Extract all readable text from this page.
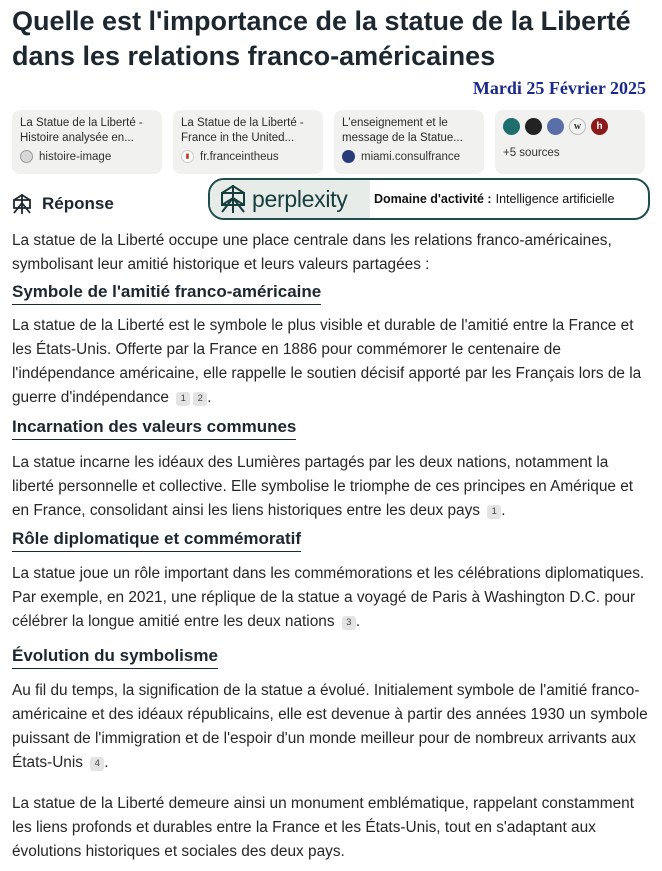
Quelle est l'importance de la statue de la Liberté dans les relations franco-américaines
Mardi 25 Février 2025
La Statue de la Liberté - Histoire analysée en...
histoire-image
La Statue de la Liberté - France in the United...
▮ fr.franceintheus
L'enseignement et le message de la Statue...
miami.consulfrance
w	h
+5 sources
perplexity Domaine d'activité : Intelligence artificielle
Réponse

La statue de la Liberté occupe une place centrale dans les relations franco-américaines, symbolisant leur amitié historique et leurs valeurs partagées :

Symbole de l'amitié franco-américaine

La statue de la Liberté est le symbole le plus visible et durable de l'amitié entre la France et les États-Unis. Offerte par la France en 1886 pour commémorer le centenaire de l'indépendance américaine, elle rappelle le soutien décisif apporté par les Français lors de la guerre d'indépendance 1 2 .

Incarnation des valeurs communes

La statue incarne les idéaux des Lumières partagés par les deux nations, notamment la liberté personnelle et collective. Elle symbolise le triomphe de ces principes en Amérique et en France, consolidant ainsi les liens historiques entre les deux pays 1 .

Rôle diplomatique et commémoratif

La statue joue un rôle important dans les commémorations et les célébrations diplomatiques. Par exemple, en 2021, une réplique de la statue a voyagé de Paris à Washington D.C. pour célébrer la longue amitié entre les deux nations 3 .

Évolution du symbolisme

Au fil du temps, la signification de la statue a évolué. Initialement symbole de l'amitié franco-américaine et des idéaux républicains, elle est devenue à partir des années 1930 un symbole puissant de l'immigration et de l'espoir d'un monde meilleur pour de nombreux arrivants aux États-Unis 4 .

La statue de la Liberté demeure ainsi un monument emblématique, rappelant constamment les liens profonds et durables entre la France et les États-Unis, tout en s'adaptant aux évolutions historiques et sociales des deux pays.
